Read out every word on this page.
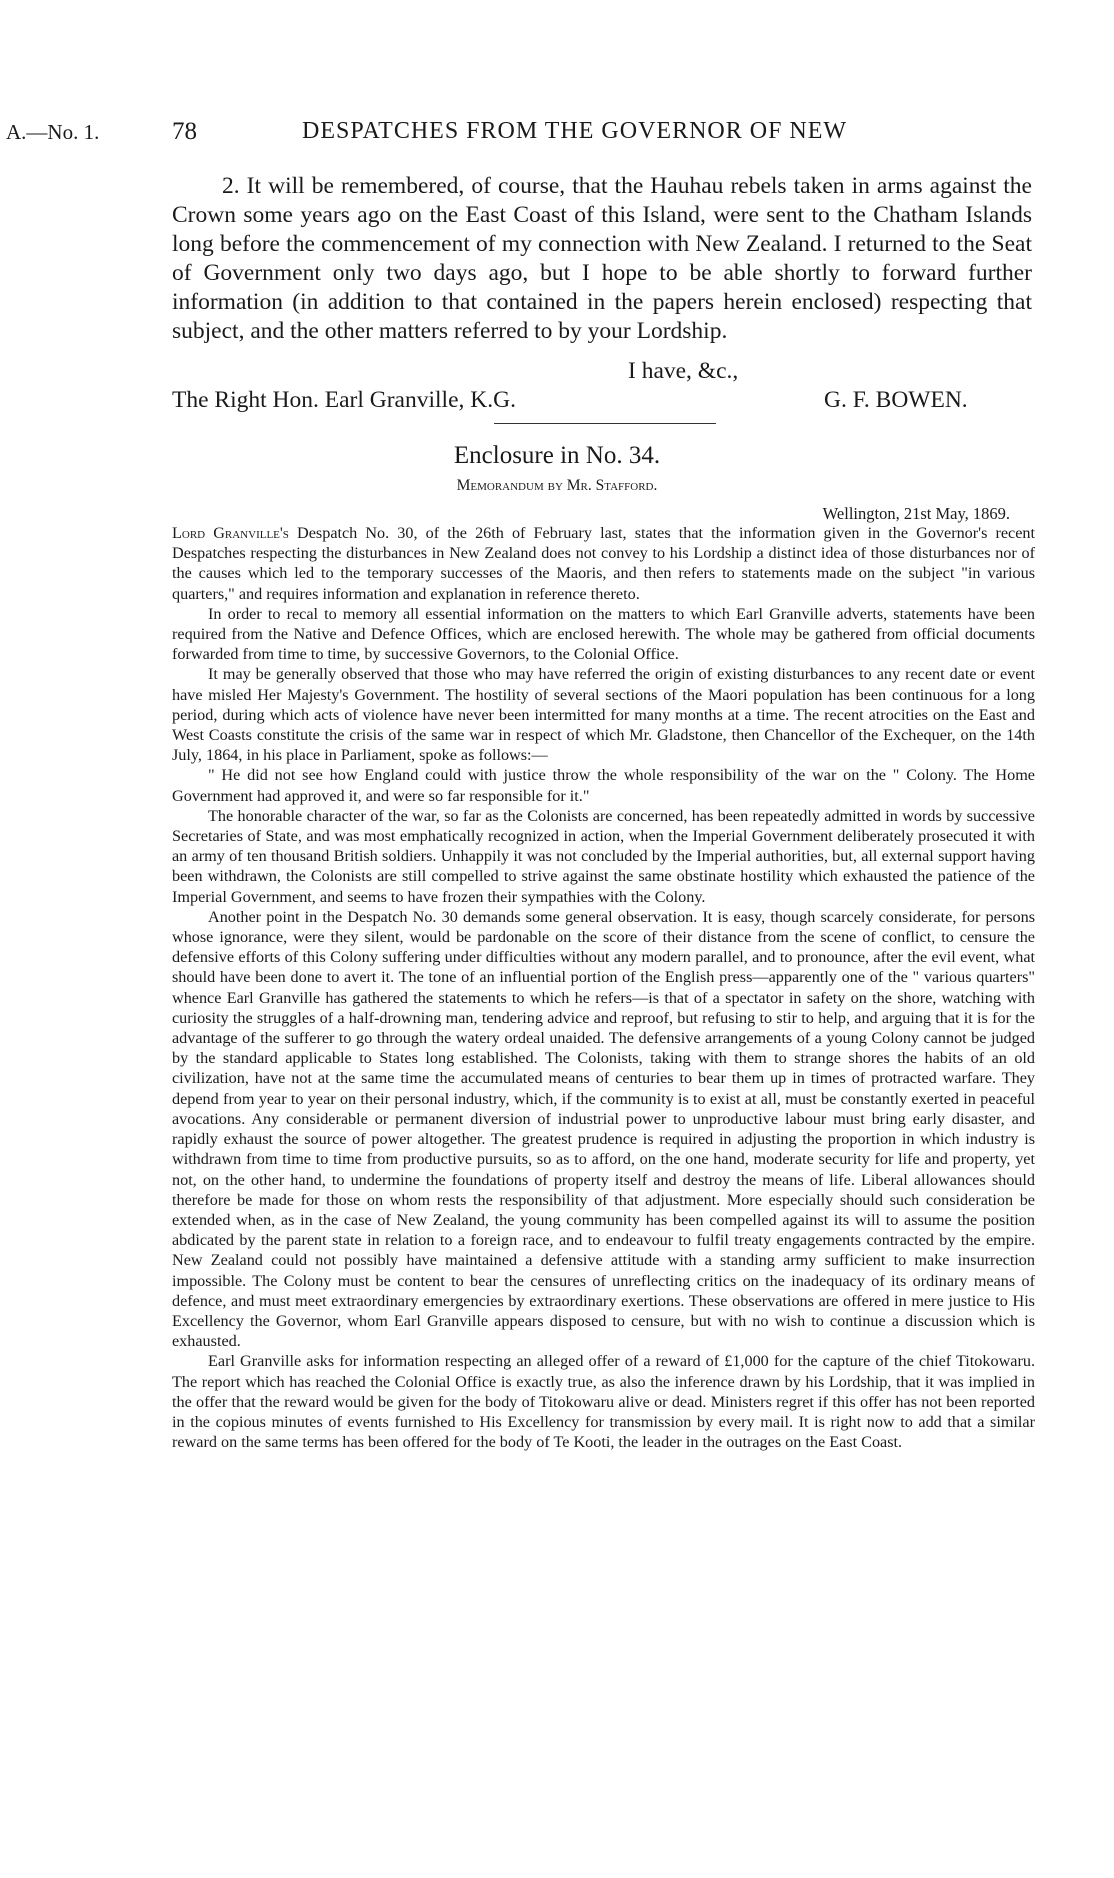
A.—No. 1.	78	DESPATCHES FROM THE GOVERNOR OF NEW

2. It will be remembered, of course, that the Hauhau rebels taken in arms against the Crown some years ago on the East Coast of this Island, were sent to the Chatham Islands long before the commencement of my connection with New Zealand. I returned to the Seat of Government only two days ago, but I hope to be able shortly to forward further information (in addition to that contained in the papers herein enclosed) respecting that subject, and the other matters referred to by your Lordship.

I have, &c.,
The Right Hon. Earl Granville, K.G.	G. F. BOWEN.
Enclosure in No. 34.
Memorandum by Mr. Stafford.
Wellington, 21st May, 1869.

Lord Granville's Despatch No. 30, of the 26th of February last, states that the information given in the Governor's recent Despatches respecting the disturbances in New Zealand does not convey to his Lordship a distinct idea of those disturbances nor of the causes which led to the temporary successes of the Maoris, and then refers to statements made on the subject "in various quarters," and requires information and explanation in reference thereto.

In order to recal to memory all essential information on the matters to which Earl Granville adverts, statements have been required from the Native and Defence Offices, which are enclosed herewith. The whole may be gathered from official documents forwarded from time to time, by successive Governors, to the Colonial Office.

It may be generally observed that those who may have referred the origin of existing disturbances to any recent date or event have misled Her Majesty's Government. The hostility of several sections of the Maori population has been continuous for a long period, during which acts of violence have never been intermitted for many months at a time. The recent atrocities on the East and West Coasts constitute the crisis of the same war in respect of which Mr. Gladstone, then Chancellor of the Exchequer, on the 14th July, 1864, in his place in Parliament, spoke as follows:—

" He did not see how England could with justice throw the whole responsibility of the war on the " Colony. The Home Government had approved it, and were so far responsible for it."

The honorable character of the war, so far as the Colonists are concerned, has been repeatedly admitted in words by successive Secretaries of State, and was most emphatically recognized in action, when the Imperial Government deliberately prosecuted it with an army of ten thousand British soldiers. Unhappily it was not concluded by the Imperial authorities, but, all external support having been withdrawn, the Colonists are still compelled to strive against the same obstinate hostility which exhausted the patience of the Imperial Government, and seems to have frozen their sympathies with the Colony.

Another point in the Despatch No. 30 demands some general observation. It is easy, though scarcely considerate, for persons whose ignorance, were they silent, would be pardonable on the score of their distance from the scene of conflict, to censure the defensive efforts of this Colony suffering under difficulties without any modern parallel, and to pronounce, after the evil event, what should have been done to avert it. The tone of an influential portion of the English press—apparently one of the " various quarters" whence Earl Granville has gathered the statements to which he refers—is that of a spectator in safety on the shore, watching with curiosity the struggles of a half-drowning man, tendering advice and reproof, but refusing to stir to help, and arguing that it is for the advantage of the sufferer to go through the watery ordeal unaided. The defensive arrangements of a young Colony cannot be judged by the standard applicable to States long established. The Colonists, taking with them to strange shores the habits of an old civilization, have not at the same time the accumulated means of centuries to bear them up in times of protracted warfare. They depend from year to year on their personal industry, which, if the community is to exist at all, must be constantly exerted in peaceful avocations. Any considerable or permanent diversion of industrial power to unproductive labour must bring early disaster, and rapidly exhaust the source of power altogether. The greatest prudence is required in adjusting the proportion in which industry is withdrawn from time to time from productive pursuits, so as to afford, on the one hand, moderate security for life and property, yet not, on the other hand, to undermine the foundations of property itself and destroy the means of life. Liberal allowances should therefore be made for those on whom rests the responsibility of that adjustment. More especially should such consideration be extended when, as in the case of New Zealand, the young community has been compelled against its will to assume the position abdicated by the parent state in relation to a foreign race, and to endeavour to fulfil treaty engagements contracted by the empire. New Zealand could not possibly have maintained a defensive attitude with a standing army sufficient to make insurrection impossible. The Colony must be content to bear the censures of unreflecting critics on the inadequacy of its ordinary means of defence, and must meet extraordinary emergencies by extraordinary exertions. These observations are offered in mere justice to His Excellency the Governor, whom Earl Granville appears disposed to censure, but with no wish to continue a discussion which is exhausted.

Earl Granville asks for information respecting an alleged offer of a reward of £1,000 for the capture of the chief Titokowaru. The report which has reached the Colonial Office is exactly true, as also the inference drawn by his Lordship, that it was implied in the offer that the reward would be given for the body of Titokowaru alive or dead. Ministers regret if this offer has not been reported in the copious minutes of events furnished to His Excellency for transmission by every mail. It is right now to add that a similar reward on the same terms has been offered for the body of Te Kooti, the leader in the outrages on the East Coast.
